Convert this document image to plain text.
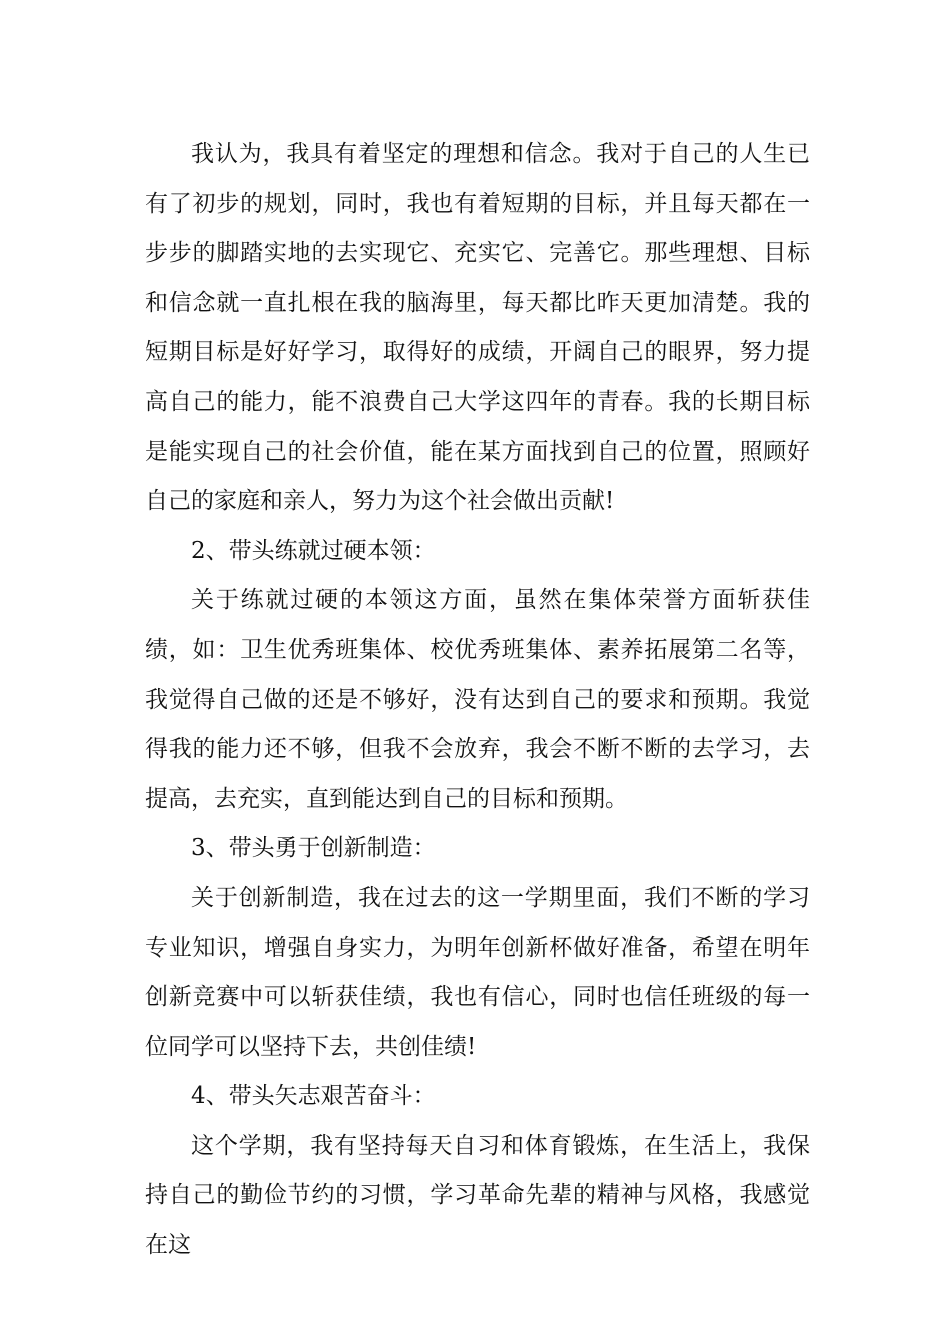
我认为，我具有着坚定的理想和信念。我对于自己的人生已有了初步的规划，同时，我也有着短期的目标，并且每天都在一步步的脚踏实地的去实现它、充实它、完善它。那些理想、目标和信念就一直扎根在我的脑海里，每天都比昨天更加清楚。我的短期目标是好好学习，取得好的成绩，开阔自己的眼界，努力提高自己的能力，能不浪费自己大学这四年的青春。我的长期目标是能实现自己的社会价值，能在某方面找到自己的位置，照顾好自己的家庭和亲人，努力为这个社会做出贡献!

2、带头练就过硬本领：

关于练就过硬的本领这方面，虽然在集体荣誉方面斩获佳绩，如：卫生优秀班集体、校优秀班集体、素养拓展第二名等，我觉得自己做的还是不够好，没有达到自己的要求和预期。我觉得我的能力还不够，但我不会放弃，我会不断不断的去学习，去提高，去充实，直到能达到自己的目标和预期。

3、带头勇于创新制造：

关于创新制造，我在过去的这一学期里面，我们不断的学习专业知识，增强自身实力，为明年创新杯做好准备，希望在明年创新竞赛中可以斩获佳绩，我也有信心，同时也信任班级的每一位同学可以坚持下去，共创佳绩!

4、带头矢志艰苦奋斗：

这个学期，我有坚持每天自习和体育锻炼，在生活上，我保持自己的勤俭节约的习惯，学习革命先辈的精神与风格，我感觉在这
